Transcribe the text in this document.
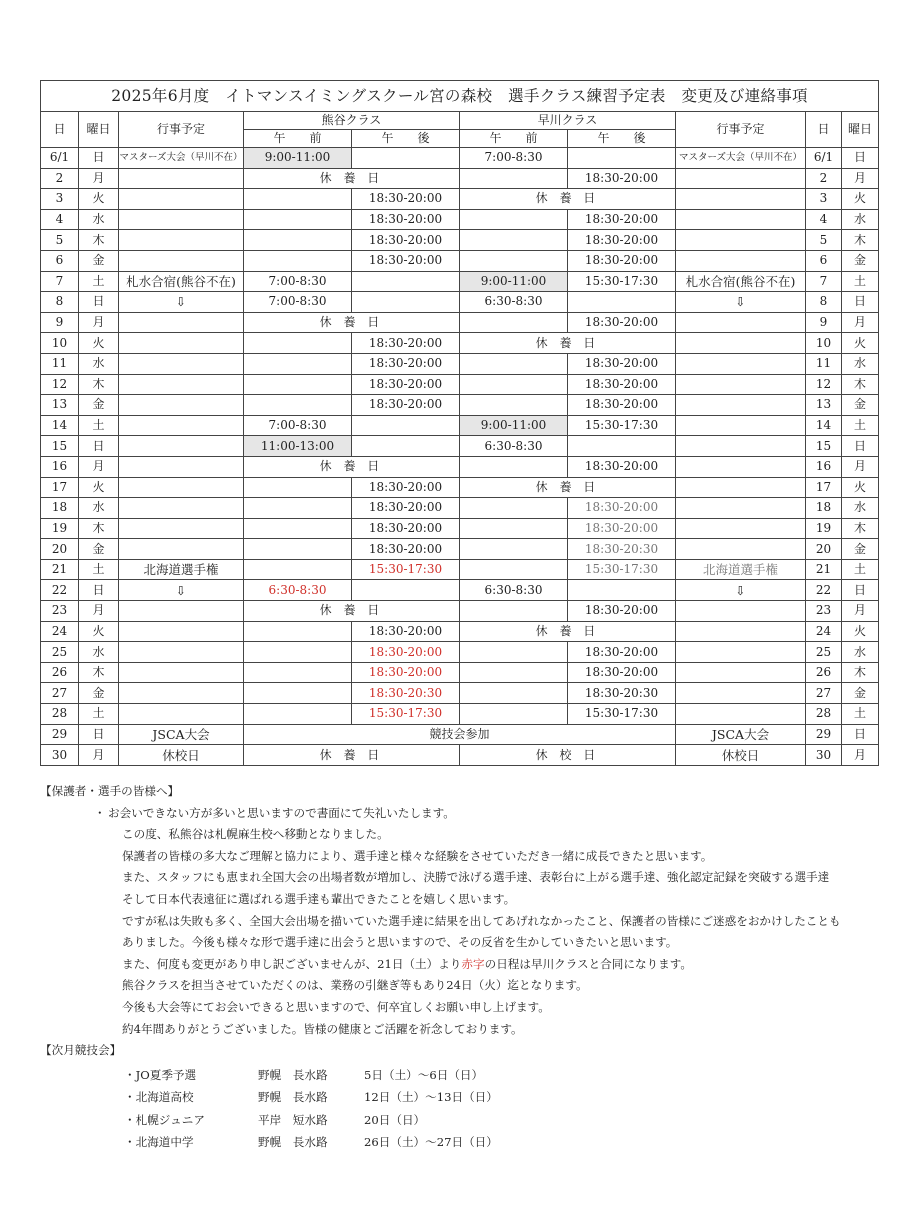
2025年6月度　イトマンスイミングスクール宮の森校　選手クラス練習予定表　変更及び連絡事項									
日	曜日	行事予定	熊谷クラス		早川クラス		行事予定	日	曜日
			午　　前	午　　後	午　　前	午　　後			
6/1	日	マスターズ大会（早川不在）	9:00-11:00		7:00-8:30		マスターズ大会（早川不在）	6/1	日
2	月		休 養 日			18:30-20:00		2	月
3	火			18:30-20:00	休 養 日			3	火
4	水			18:30-20:00		18:30-20:00		4	水
5	木			18:30-20:00		18:30-20:00		5	木
6	金			18:30-20:00		18:30-20:00		6	金
7	土	札水合宿(熊谷不在)	7:00-8:30		9:00-11:00	15:30-17:30	札水合宿(熊谷不在)	7	土
8	日	⇩	7:00-8:30		6:30-8:30		⇩	8	日
9	月		休 養 日			18:30-20:00		9	月
10	火			18:30-20:00	休 養 日			10	火
11	水			18:30-20:00		18:30-20:00		11	水
12	木			18:30-20:00		18:30-20:00		12	木
13	金			18:30-20:00		18:30-20:00		13	金
14	土		7:00-8:30		9:00-11:00	15:30-17:30		14	土
15	日		11:00-13:00		6:30-8:30			15	日
16	月		休 養 日			18:30-20:00		16	月
17	火			18:30-20:00	休 養 日			17	火
18	水			18:30-20:00		18:30-20:00		18	水
19	木			18:30-20:00		18:30-20:00		19	木
20	金			18:30-20:00		18:30-20:30		20	金
21	土	北海道選手権		15:30-17:30		15:30-17:30	北海道選手権	21	土
22	日	⇩	6:30-8:30		6:30-8:30		⇩	22	日
23	月		休 養 日			18:30-20:00		23	月
24	火			18:30-20:00	休 養 日			24	火
25	水			18:30-20:00		18:30-20:00		25	水
26	木			18:30-20:00		18:30-20:00		26	木
27	金			18:30-20:30		18:30-20:30		27	金
28	土			15:30-17:30		15:30-17:30		28	土
29	日	JSCA大会	競技会参加				JSCA大会	29	日
30	月	休校日	休 養 日		休 校 日		休校日	30	月
【保護者・選手の皆様へ】
・ お会いできない方が多いと思いますので書面にて失礼いたします。
この度、私熊谷は札幌麻生校へ移動となりました。
保護者の皆様の多大なご理解と協力により、選手達と様々な経験をさせていただき一緒に成長できたと思います。
また、スタッフにも恵まれ全国大会の出場者数が増加し、決勝で泳げる選手達、表彰台に上がる選手達、強化認定記録を突破する選手達
そして日本代表遠征に選ばれる選手達も輩出できたことを嬉しく思います。
ですが私は失敗も多く、全国大会出場を描いていた選手達に結果を出してあげれなかったこと、保護者の皆様にご迷惑をおかけしたことも
ありました。今後も様々な形で選手達に出会うと思いますので、その反省を生かしていきたいと思います。
また、何度も変更があり申し訳ございませんが、21日（土）より赤字の日程は早川クラスと合同になります。
熊谷クラスを担当させていただくのは、業務の引継ぎ等もあり24日（火）迄となります。
今後も大会等にてお会いできると思いますので、何卒宜しくお願い申し上げます。
約4年間ありがとうございました。皆様の健康とご活躍を祈念しております。
【次月競技会】
・JO夏季予選	野幌　長水路	5日（土）～6日（日）
・北海道高校	野幌　長水路	12日（土）～13日（日）
・札幌ジュニア	平岸　短水路	20日（日）
・北海道中学	野幌　長水路	26日（土）～27日（日）
